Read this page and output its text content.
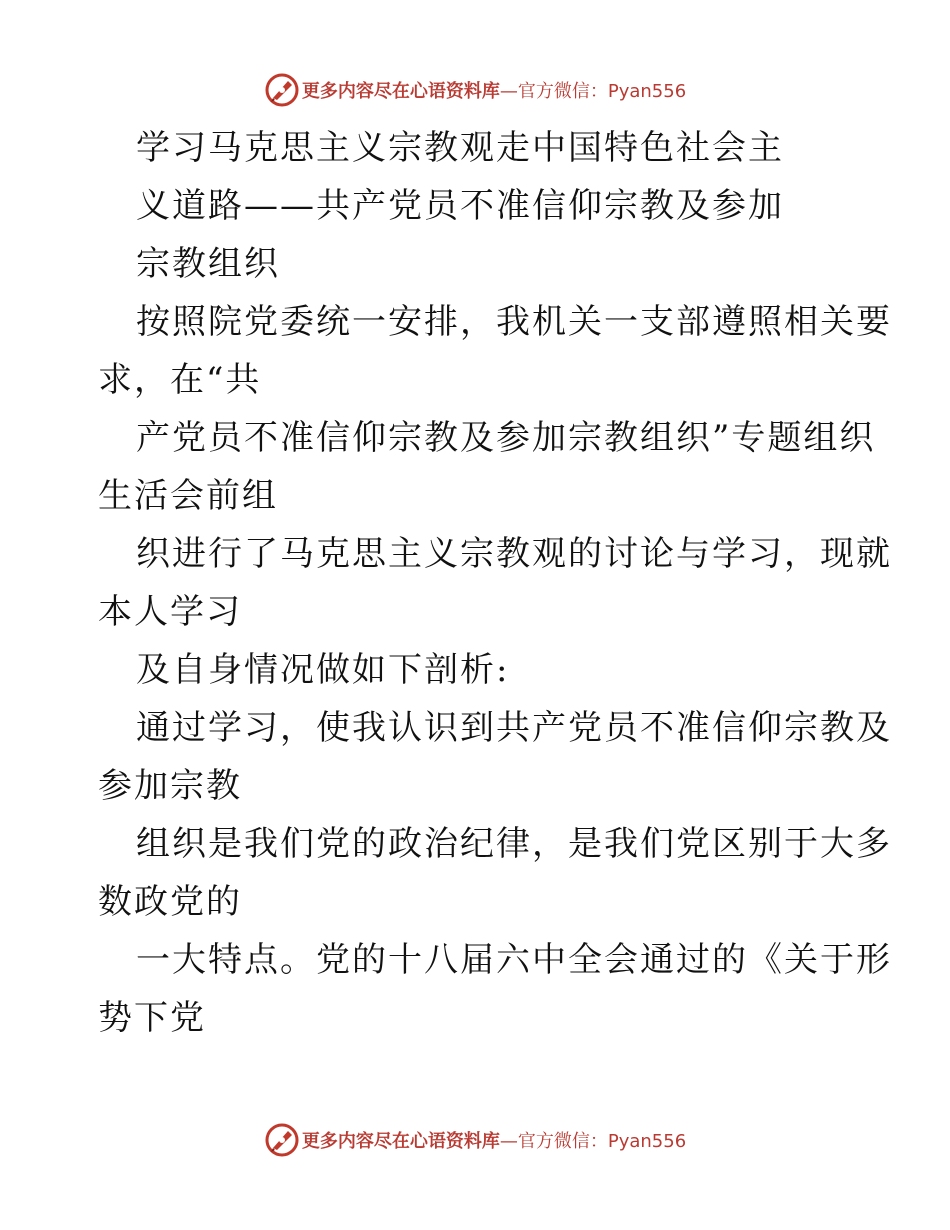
更多内容尽在心语资料库—官方微信：Pyan556
学习马克思主义宗教观走中国特色社会主
义道路——共产党员不准信仰宗教及参加
宗教组织
按照院党委统一安排，我机关一支部遵照相关要
求，在“共
产党员不准信仰宗教及参加宗教组织”专题组织
生活会前组
织进行了马克思主义宗教观的讨论与学习，现就
本人学习
及自身情况做如下剖析:
通过学习，使我认识到共产党员不准信仰宗教及
参加宗教
组织是我们党的政治纪律，是我们党区别于大多
数政党的
一大特点。党的十八届六中全会通过的《关于形
势下党
更多内容尽在心语资料库—官方微信：Pyan556
